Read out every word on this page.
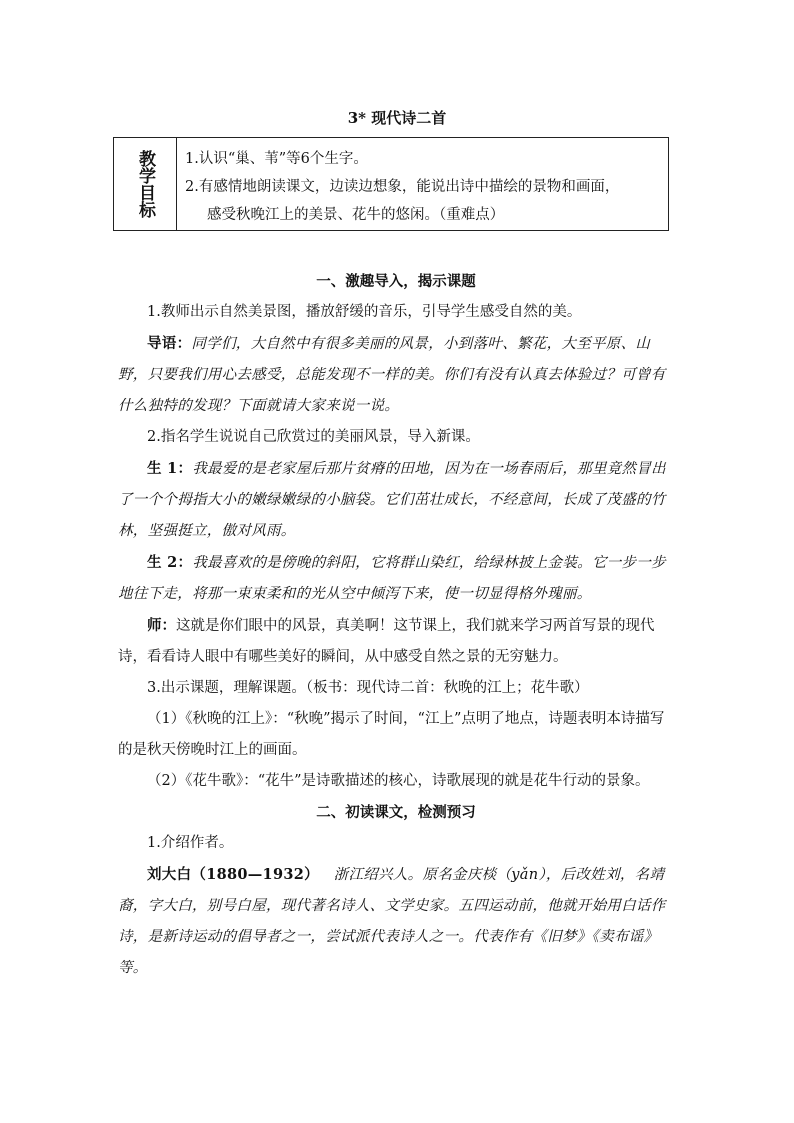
3* 现代诗二首
教学目标 1.认识“巢、苇”等6个生字。

2.有感情地朗读课文，边读边想象，能说出诗中描绘的景物和画面，

感受秋晚江上的美景、花牛的悠闲。（重难点）

一、激趣导入，揭示课题

1.教师出示自然美景图，播放舒缓的音乐，引导学生感受自然的美。

导语：同学们，大自然中有很多美丽的风景，小到落叶、繁花，大至平原、山野，只要我们用心去感受，总能发现不一样的美。你们有没有认真去体验过？可曾有什么独特的发现？下面就请大家来说一说。

2.指名学生说说自己欣赏过的美丽风景，导入新课。

生 1：我最爱的是老家屋后那片贫瘠的田地，因为在一场春雨后，那里竟然冒出了一个个拇指大小的嫩绿嫩绿的小脑袋。它们茁壮成长，不经意间，长成了茂盛的竹林，坚强挺立，傲对风雨。

生 2：我最喜欢的是傍晚的斜阳，它将群山染红，给绿林披上金装。它一步一步地往下走，将那一束束柔和的光从空中倾泻下来，使一切显得格外瑰丽。

师：这就是你们眼中的风景，真美啊！这节课上，我们就来学习两首写景的现代诗，看看诗人眼中有哪些美好的瞬间，从中感受自然之景的无穷魅力。

3.出示课题，理解课题。（板书：现代诗二首：秋晚的江上；花牛歌）

（1）《秋晚的江上》：“秋晚”揭示了时间，“江上”点明了地点，诗题表明本诗描写的是秋天傍晚时江上的画面。

（2）《花牛歌》：“花牛”是诗歌描述的核心，诗歌展现的就是花牛行动的景象。

二、初读课文，检测预习

1.介绍作者。

刘大白（1880—1932） 浙江绍兴人。原名金庆棪（yǎn），后改姓刘，名靖裔，字大白，别号白屋，现代著名诗人、文学史家。五四运动前，他就开始用白话作诗，是新诗运动的倡导者之一，尝试派代表诗人之一。代表作有《旧梦》《卖布谣》等。
